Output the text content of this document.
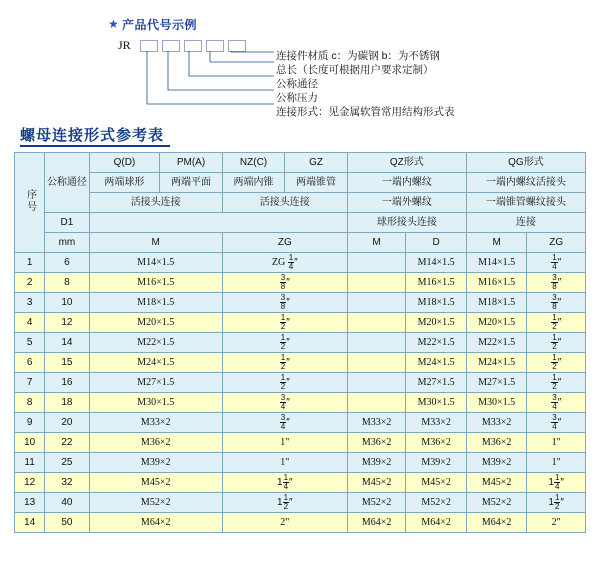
★ 产品代号示例
JR
连接件材质 c：为碳钢 b：为不锈钢
总长（长度可根据用户要求定制）
公称通径
公称压力
连接形式：见金属软管常用结构形式表
螺母连接形式参考表
序号	公称通径	Q(D)	PM(A)	NZ(C)	GZ	QZ形式		QG形式	
		两端球形	两端平面	两端内锥	两端锥管	一端内螺纹		一端内螺纹活接头	
		活接头连接		活接头连接		一端外螺纹		一端锥管螺纹接头	
	D1					球形接头连接		连接	
	mm	M		ZG		M	D	M	ZG
1	6	M14×1.5		ZG $\frac{1}{4}$ ″			M14×1.5	M14×1.5	$\frac{1}{4}$ ″
2	8	M16×1.5		$\frac{3}{8}$ ″			M16×1.5	M16×1.5	$\frac{3}{8}$ ″
3	10	M18×1.5		$\frac{3}{8}$ ″			M18×1.5	M18×1.5	$\frac{3}{8}$ ″
4	12	M20×1.5		$\frac{1}{2}$ ″			M20×1.5	M20×1.5	$\frac{1}{2}$ ″
5	14	M22×1.5		$\frac{1}{2}$ ″			M22×1.5	M22×1.5	$\frac{1}{2}$ ″
6	15	M24×1.5		$\frac{1}{2}$ ″			M24×1.5	M24×1.5	$\frac{1}{2}$ ″
7	16	M27×1.5		$\frac{1}{2}$ ″			M27×1.5	M27×1.5	$\frac{1}{2}$ ″
8	18	M30×1.5		$\frac{3}{4}$ ″			M30×1.5	M30×1.5	$\frac{3}{4}$ ″
9	20	M33×2		$\frac{3}{4}$ ″		M33×2	M33×2	M33×2	$\frac{3}{4}$ ″
10	22	M36×2		1"		M36×2	M36×2	M36×2	1"
11	25	M39×2		1"		M39×2	M39×2	M39×2	1"
12	32	M45×2		$1 \frac{1}{4}$ ″		M45×2	M45×2	M45×2	$1 \frac{1}{4}$ ″
13	40	M52×2		$1 \frac{1}{2}$ ″		M52×2	M52×2	M52×2	$1 \frac{1}{2}$ ″
14	50	M64×2		2"		M64×2	M64×2	M64×2	2"
